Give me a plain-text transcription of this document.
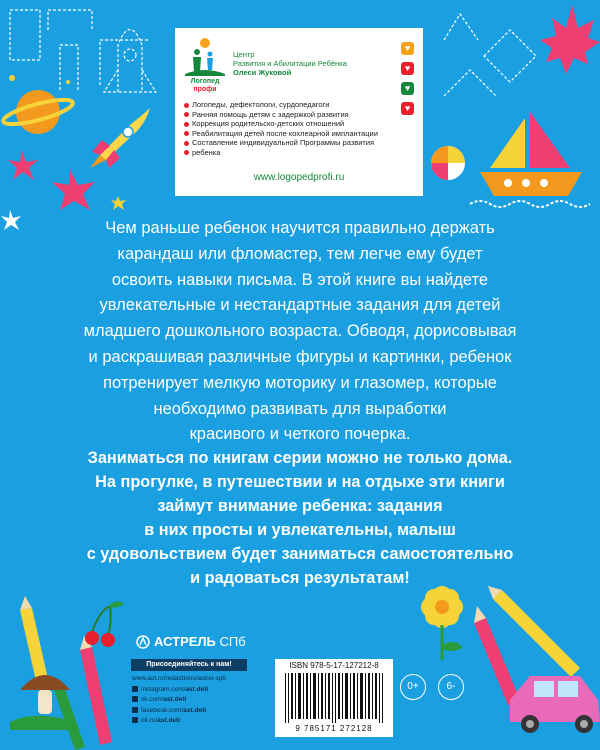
Логопед
профи
Центр
Развития и Абилитации Ребёнка
Олеси Жуковой
Логопеды, дефектологи, сурдопедагоги
Ранняя помощь детям с задержкой развития
Коррекция родительско-детских отношений
Реабилитация детей после кохлеарной имплантации
Составление индивидуальной Программы развития
ребенка
www.logopedprofi.ru
♥
♥
♥
♥
Чем раньше ребенок научится правильно держать
карандаш или фломастер, тем легче ему будет
освоить навыки письма. В этой книге вы найдете
увлекательные и нестандартные задания для детей
младшего дошкольного возраста. Обводя, дорисовывая
и раскрашивая различные фигуры и картинки, ребенок
потренирует мелкую моторику и глазомер, которые
необходимо развивать для выработки
красивого и четкого почерка.
Заниматься по книгам серии можно не только дома.
На прогулке, в путешествии и на отдыхе эти книги
займут внимание ребенка: задания
в них просты и увлекательны, малыш
с удовольствием будет заниматься самостоятельно
и радоваться результатам!
АСТРЕЛЬ СПб
Присоединяйтесь к нам!
www.ast.ru/redactions/astrel-spb
instagram.com/ast.deti
vk.com/ast.deti
facebook.com/ast.deti
ok.ru/ast.deti
ISBN 978-5-17-127212-8
9 785171 272128
0+	6-
